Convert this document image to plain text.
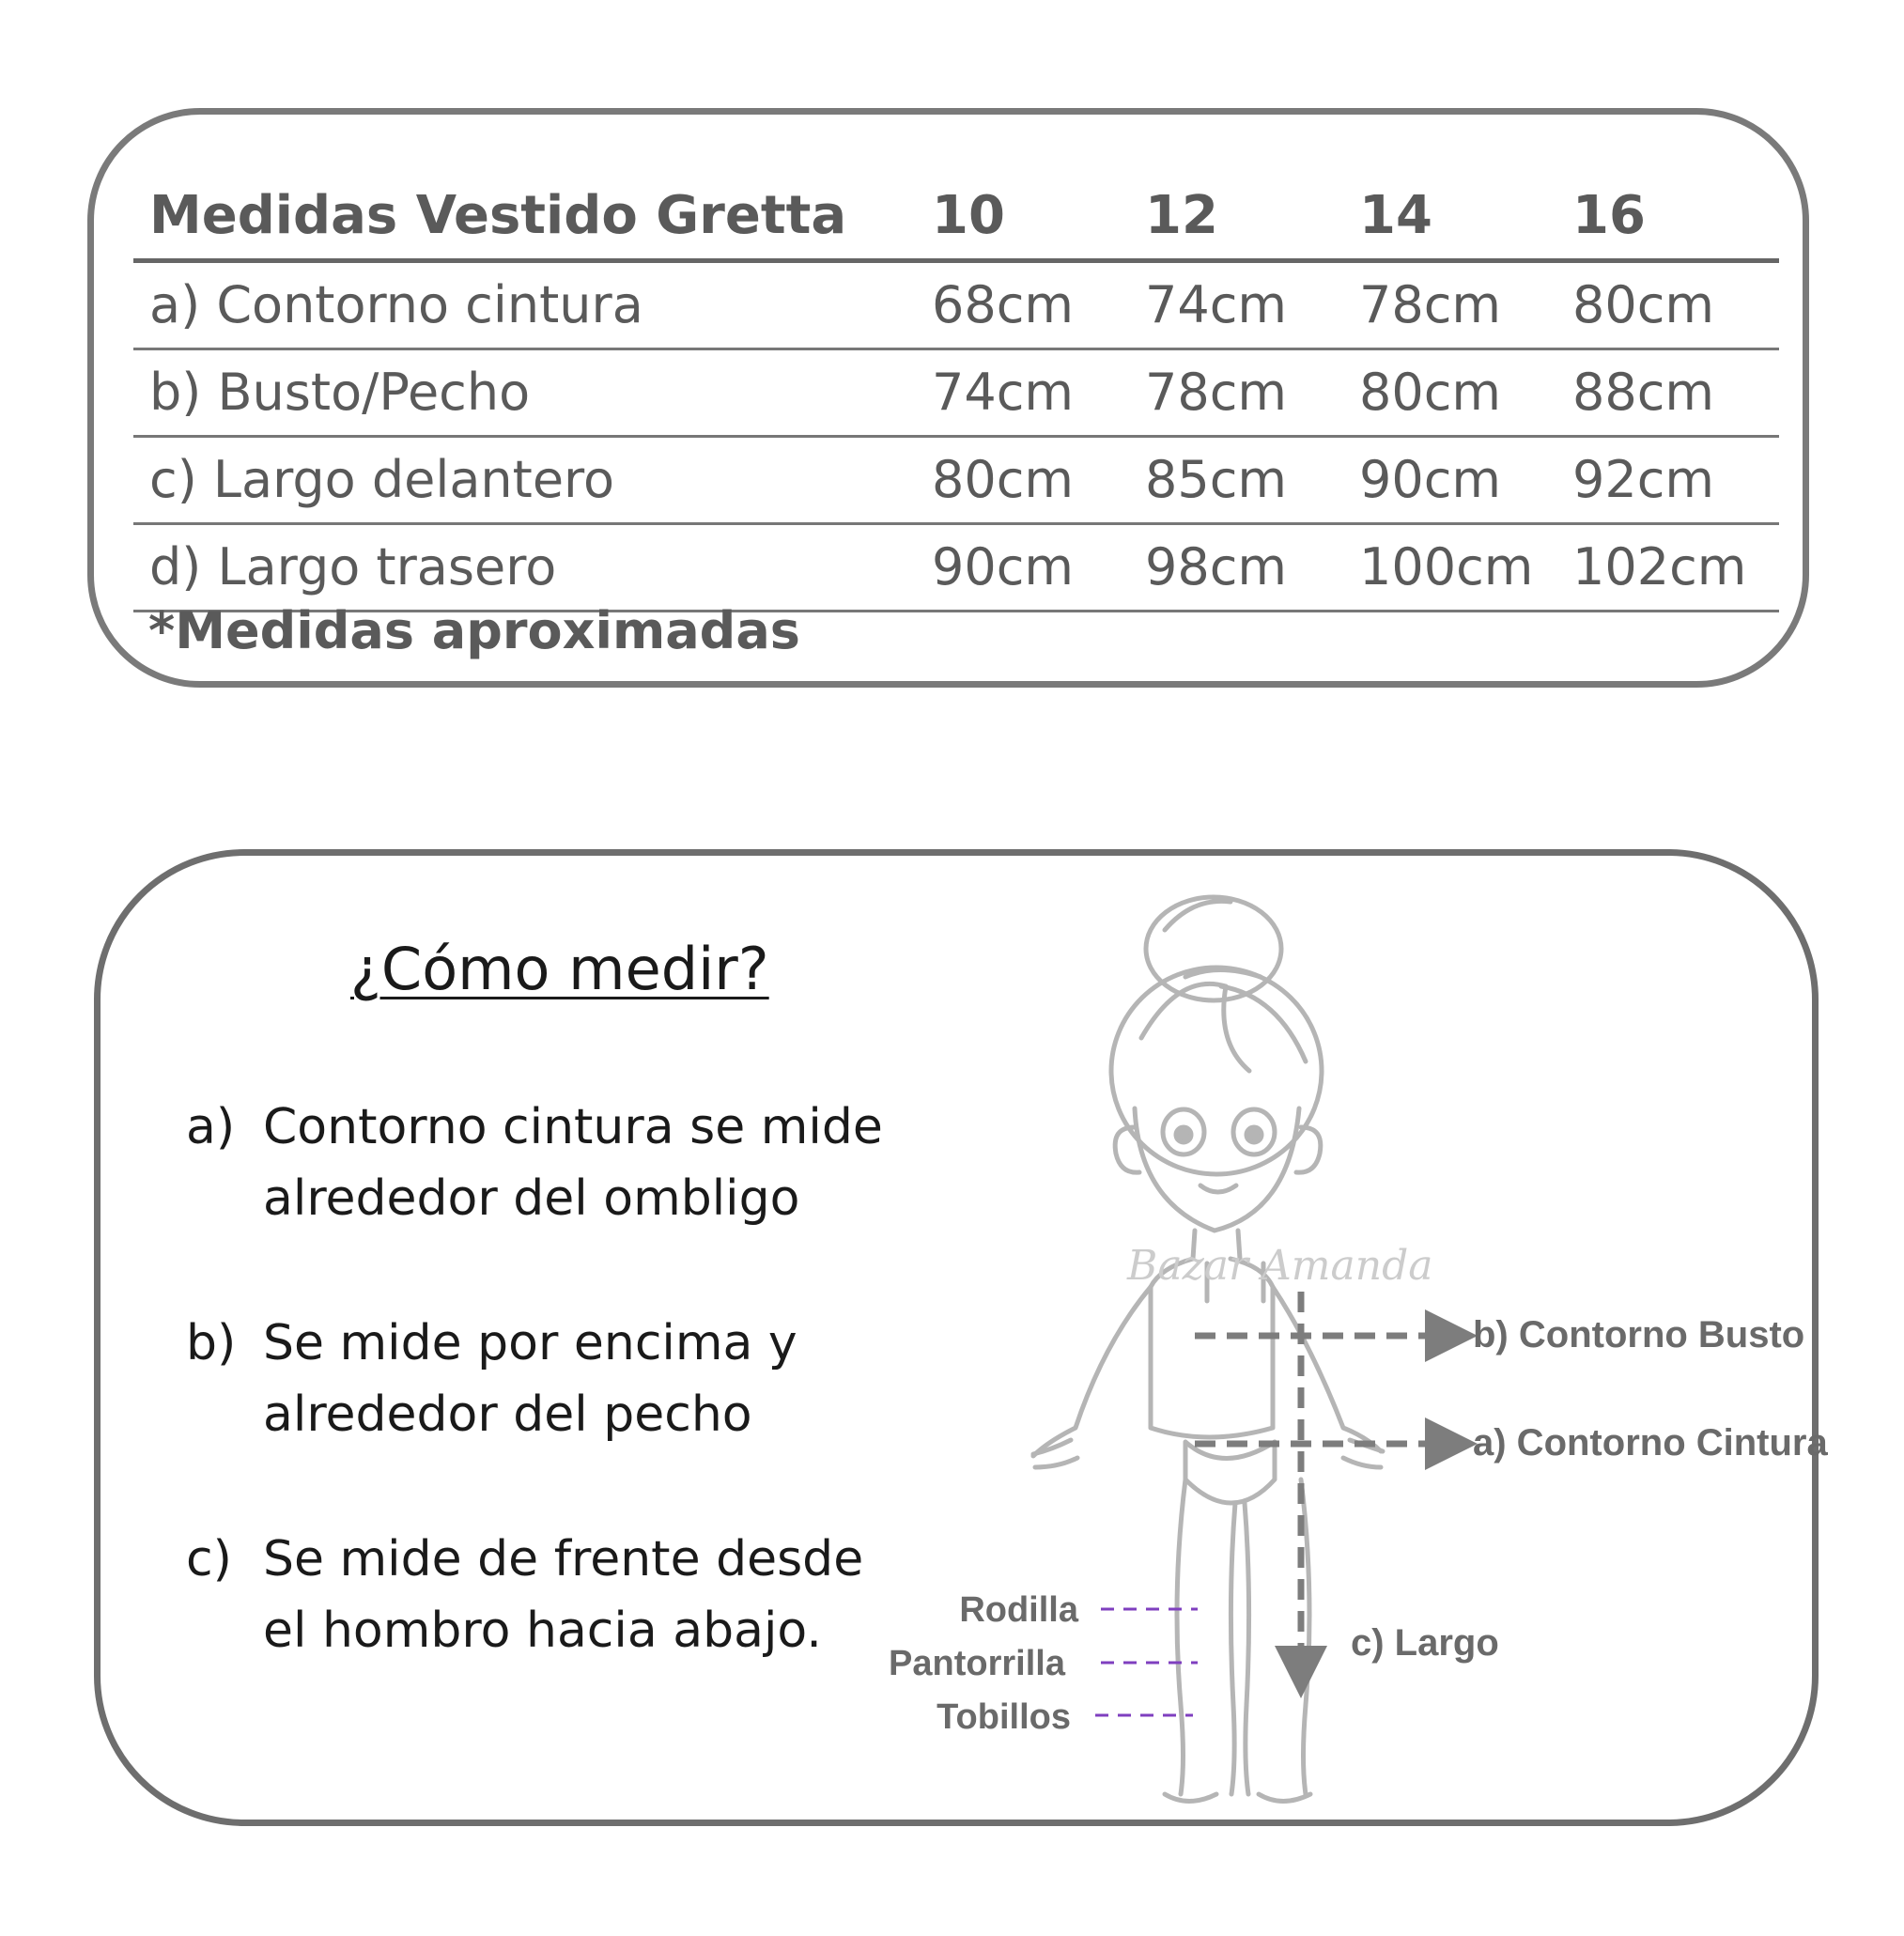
Medidas Vestido Gretta 10	12	14	16
a) Contorno cintura	68cm 74cm 78cm 80cm
b) Busto/Pecho	74cm 78cm 80cm 88cm
c) Largo delantero	80cm 85cm 90cm 92cm
d) Largo trasero	90cm 98cm 100cm 102cm
*Medidas aproximadas
¿Cómo medir?
a) Contorno cintura se mide alrededor del ombligo
b) Se mide por encima y alrededor del pecho
c) Se mide de frente desde el hombro hacia abajo.
Bazar Amanda
b) Contorno Busto
a) Contorno Cintura
c) Largo
Rodilla
Pantorrilla
Tobillos
